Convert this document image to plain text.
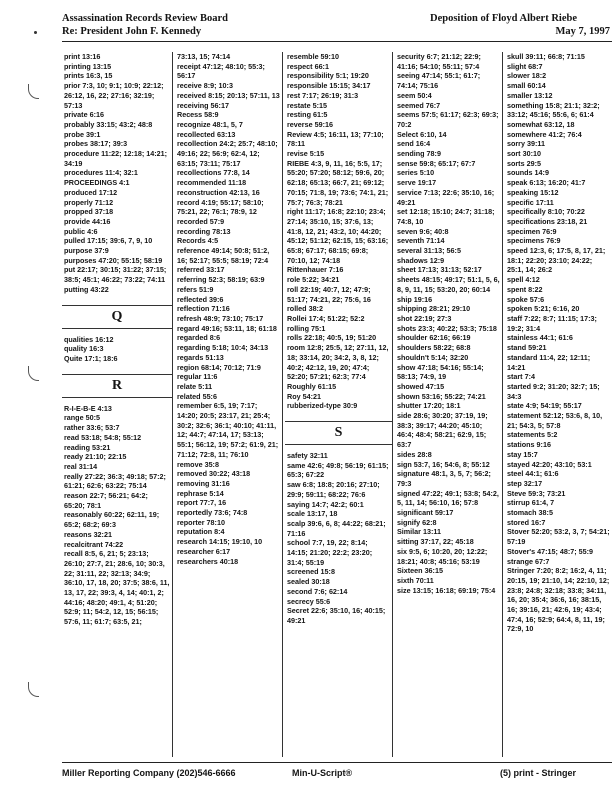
Assassination Records Review Board
Re: President John F. Kennedy
Deposition of Floyd Albert Riebe
May 7, 1997
print 13:16
printing 13:15
prints 16:3, 15
prior 7:3, 10; 9:1; 10:9; 22:12; 26:12, 16, 22; 27:16; 32:19; 57:13
private 6:16
probably 33:15; 43:2; 48:8
probe 39:1
probes 38:17; 39:3
procedure 11:22; 12:18; 14:21; 34:19
procedures 11:4; 32:1
PROCEEDINGS 4:1
produced 17:12
properly 71:12
propped 37:18
provide 44:16
public 4:6
pulled 17:15; 39:6, 7, 9, 10
purpose 37:9
purposes 47:20; 55:15; 58:19
put 22:17; 30:15; 31:22; 37:15; 38:5; 45:1; 46:22; 73:22; 74:11
putting 43:22
Q
qualities 16:12
quality 16:3
Quite 17:1; 18:6
R
R-I-E-B-E 4:13
range 50:5
rather 33:6; 53:7
read 53:18; 54:8; 55:12
reading 53:21
ready 21:10; 22:15
real 31:14
really 27:22; 36:3; 49:18; 57:2; 61:21; 62:6; 63:22; 75:14
reason 22:7; 56:21; 64:2; 65:20; 78:1
reasonably 60:22; 62:11, 19; 65:2; 68:2; 69:3
reasons 32:21
recalcitrant 74:22
recall 8:5, 6, 21; 5; 23:13; 26:10; 27:7, 21; 28:6, 10; 30:3, 22; 31:11, 22; 32:13; 34:9; 36:10, 17, 18, 20; 37:5; 38:6, 11, 13, 17, 22; 39:3, 4, 14; 40:1, 2; 44:16; 48:20; 49:1, 4; 51:20; 52:9; 11; 54:2, 12, 15; 56:15; 57:6, 11; 61:7; 63:5, 21;
73:13, 15; 74:14
receipt 47:12; 48:10; 55:3; 56:17
receive 8:9; 10:3
received 8:15; 20:13; 57:11, 13
receiving 56:17
Recess 58:9
recognize 48:1, 5, 7
recollected 63:13
recollection 24:2; 25:7; 48:10; 49:16; 22; 56:9; 62:4, 12; 63:15; 73:11; 75:17
recollections 77:8, 14
recommended 11:18
reconstruction 42:13, 16
record 4:19; 55:17; 58:10; 75:21, 22; 76:1; 78:9, 12
recorded 57:9
recording 78:13
Records 4:5
reference 49:14; 50:8; 51:2, 16; 52:17; 55:5; 58:19; 72:4
referred 33:17
referring 52:3; 58:19; 63:9
refers 51:9
reflected 39:6
reflection 71:16
refresh 48:9; 73:10; 75:17
regard 49:16; 53:11, 18; 61:18
regarded 8:6
regarding 5:18; 10:4; 34:13
regards 51:13
region 68:14; 70:12; 71:9
regular 11:6
relate 5:11
related 55:6
remember 6:5, 19; 7:17; 14:20; 20:5; 23:17, 21; 25:4; 30:2; 32:6; 36:1; 40:10; 41:11, 12; 44:7; 47:14, 17; 53:13; 55:1; 56:12, 19; 57:2; 61:9, 21; 71:12; 72:8, 11; 76:10
remove 35:8
removed 30:22; 43:18
removing 31:16
rephrase 5:14
report 77:7, 16
reportedly 73:6; 74:8
reporter 78:10
reputation 8:4
research 14:15; 19:10, 10
researcher 6:17
researchers 40:18
resemble 59:10
respect 66:1
responsibility 5:1; 19:20
responsible 15:15; 34:17
rest 7:17; 26:19; 31:3
restate 5:15
resting 61:5
reverse 59:16
Review 4:5; 16:11, 13; 77:10; 78:11
revise 5:15
RIEBE 4:3, 9, 11, 16; 5:5, 17; 55:20; 57:20; 58:12; 59:6, 20; 62:18; 65:13; 66:7, 21; 69:12; 70:15; 71:8, 19; 73:6; 74:1, 21; 75:7; 76:3; 78:21
right 11:17; 16:8; 22:10; 23:4; 27:14; 35:10, 15; 37:6, 13; 41:8, 12, 21; 43:2, 10; 44:20; 45:12; 51:12; 62:15, 15; 63:16; 65:8; 67:17; 68:15; 69:8; 70:10, 12; 74:18
Rittenhauer 7:16
role 5:22; 34:21
roll 22:19; 40:7, 12; 47:9; 51:17; 74:21, 22; 75:6, 16
rolled 38:2
Rollei 17:4; 51:22; 52:2
rolling 75:1
rolls 22:18; 40:5, 19; 51:20
room 12:8; 25:5, 12; 27:11, 12, 18; 33:14, 20; 34:2, 3, 8, 12; 40:2; 42:12, 19, 20; 47:4; 52:20; 57:21; 62:3; 77:4
Roughly 61:15
Roy 54:21
rubberized-type 30:9
S
safety 32:11
same 42:6; 49:8; 56:19; 61:15; 65:3; 67:22
saw 6:8; 18:8; 20:16; 27:10; 29:9; 59:11; 68:22; 76:6
saying 14:7; 42:2; 60:1
scale 13:17, 18
scalp 39:6, 6, 8; 44:22; 68:21; 71:16
school 7:7, 19, 22; 8:14; 14:15; 21:20; 22:2; 23:20; 31:4; 55:19
screened 15:8
sealed 30:18
second 7:6; 62:14
secrecy 55:6
Secret 22:6; 35:10, 16; 40:15; 49:21
security 6:7; 21:12; 22:9; 41:16; 54:10; 55:11; 57:4
seeing 47:14; 55:1; 61:7; 74:14; 75:16
seem 50:4
seemed 76:7
seems 57:5; 61:17; 62:3; 69:3; 70:2
Select 6:10, 14
send 16:4
sending 78:9
sense 59:8; 65:17; 67:7
series 5:10
serve 19:17
service 7:13; 22:6; 35:10, 16; 49:21
set 12:18; 15:10; 24:7; 31:18; 74:8, 10
seven 9:6; 40:8
seventh 71:14
several 31:13; 56:5
shadows 12:9
sheet 17:13; 31:13; 52:17
sheets 48:15; 49:17; 51:1, 5, 6, 8, 9, 11, 15; 53:20, 20; 60:14
ship 19:16
shipping 28:21; 29:10
shot 22:19; 27:3
shots 23:3; 40:22; 53:3; 75:18
shoulder 62:16; 66:19
shoulders 58:22; 68:8
shouldn't 5:14; 32:20
show 47:18; 54:16; 55:14; 58:13; 74:9, 19
showed 47:15
shown 53:16; 55:22; 74:21
shutter 17:20; 18:1
side 28:6; 30:20; 37:19, 19; 38:3; 39:17; 44:20; 45:10; 46:4; 48:4; 58:21; 62:9, 15; 63:7
sides 28:8
sign 53:7, 16; 54:6, 8; 55:12
signature 48:1, 3, 5, 7; 56:2; 79:3
signed 47:22; 49:1; 53:8; 54:2, 5, 11, 14; 56:10, 16; 57:8
significant 59:17
signify 62:8
Similar 13:11
sitting 37:17, 22; 45:18
six 9:5, 6; 10:20, 20; 12:22; 18:21; 40:8; 45:16; 53:19
Sixteen 36:15
sixth 70:11
size 13:15; 16:18; 69:19; 75:4
skull 39:11; 66:8; 71:15
slight 68:7
slower 18:2
small 60:14
smaller 13:12
something 15:8; 21:1; 32:2; 33:12; 45:16; 55:6, 6; 61:4
somewhat 63:12, 18
somewhere 41:2; 76:4
sorry 39:11
sort 30:10
sorts 29:5
sounds 14:9
speak 6:13; 16:20; 41:7
speaking 15:12
specific 17:11
specifically 8:10; 70:22
specifications 23:18, 21
specimen 76:9
specimens 76:9
speed 12:3, 6; 17:5, 8, 17, 21; 18:1; 22:20; 23:10; 24:22; 25:1, 14; 26:2
spell 4:12
spent 8:22
spoke 57:6
spoken 5:21; 6:16, 20
staff 7:22; 8:7; 11:15; 17:3; 19:2; 31:4
stainless 44:1; 61:6
stand 59:21
standard 11:4, 22; 12:11; 14:21
start 7:4
started 9:2; 31:20; 32:7; 15; 34:3
state 4:9; 54:19; 55:17
statement 52:12; 53:6, 8, 10, 21; 54:3, 5; 57:8
statements 5:2
stations 9:16
stay 15:7
stayed 42:20; 43:10; 53:1
steel 44:1; 61:6
step 32:17
Steve 59:3; 73:21
stirrup 61:4, 7
stomach 38:5
stored 16:7
Stover 52:20; 53:2, 3, 7; 54:21; 57:19
Stover's 47:15; 48:7; 55:9
strange 67:7
Stringer 7:20; 8:2; 16:2, 4, 11; 20:15, 19; 21:10, 14; 22:10, 12; 23:8; 24:8; 32:18; 33:8; 34:11, 16, 20; 35:4; 36:6, 16; 38:15, 16; 39:16, 21; 42:6, 19; 43:4; 47:4, 16; 52:9; 64:4, 8, 11, 19; 72:9, 10
Miller Reporting Company (202)546-6666	Min-U-Script®	(5) print - Stringer
